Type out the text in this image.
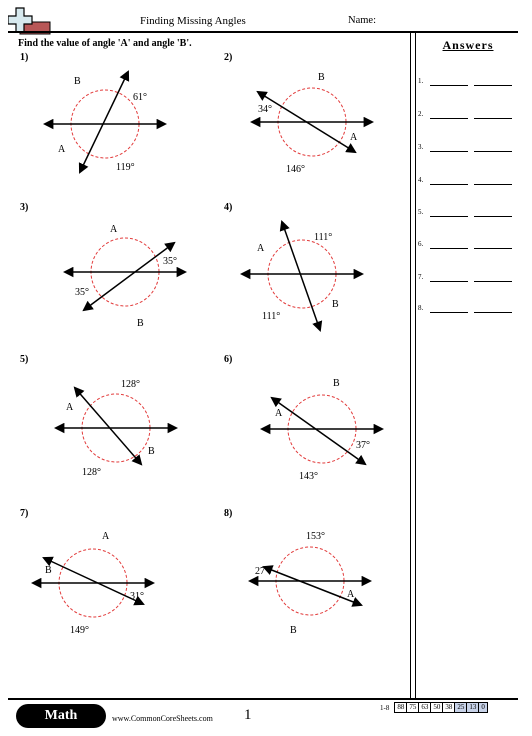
Finding Missing Angles	Name:
Find the value of angle 'A' and angle 'B'.
1)
B
61°
A
119°
2)
B
34°
A
146°
3)
A
35°
35°
B
4)
111°
A
B
111°
5)
128°
A
B
128°
6)
B
A
37°
143°
7)
A
B
31°
149°
8)
153°
27°
A
B
Answers
1.
2.
3.
4.
5.
6.
7.
8.
Math	www.CommonCoreSheets.com 1	1-8	88 75 63 50 38 25 13 0
